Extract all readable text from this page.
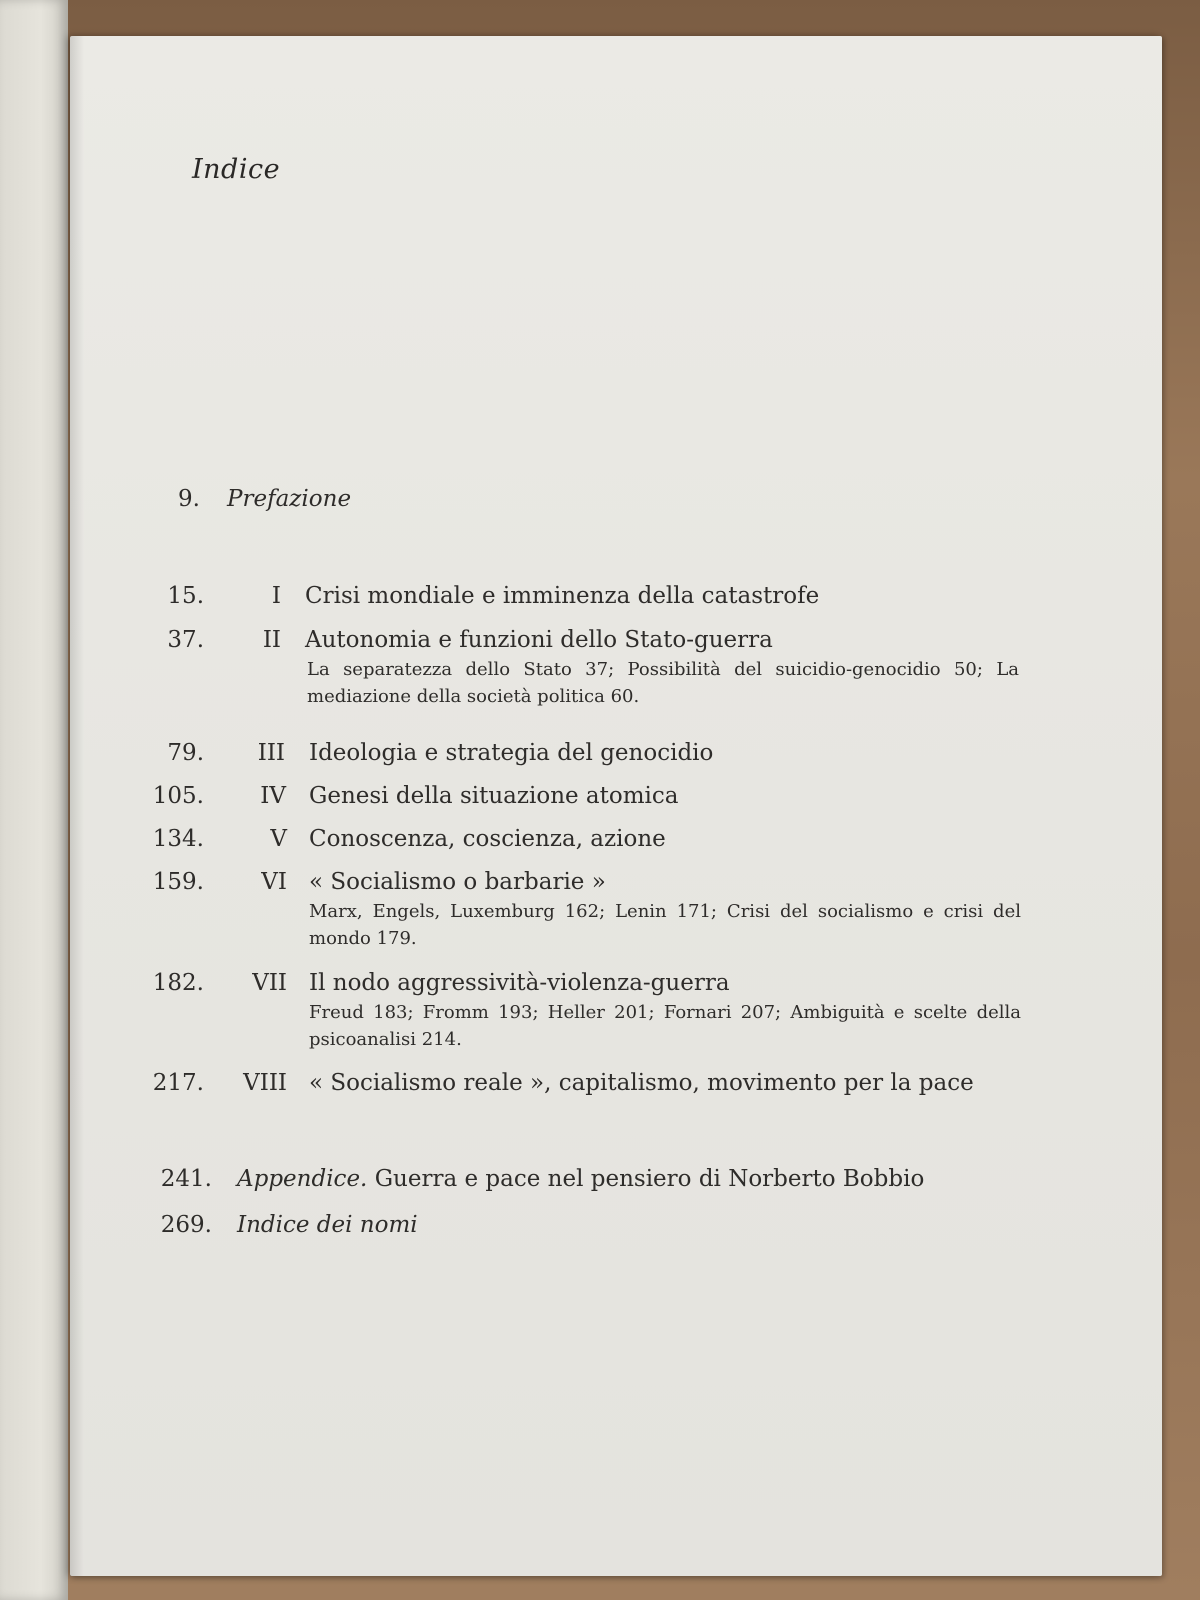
Indice
9. Prefazione
15.	I Crisi mondiale e imminenza della catastrofe
37.	II Autonomia e funzioni dello Stato-guerra
La separatezza dello Stato 37; Possibilità del suicidio-genocidio 50; La mediazione della società politica 60.
79.	III Ideologia e strategia del genocidio
105.	IV Genesi della situazione atomica
134.	V Conoscenza, coscienza, azione
159.	VI « Socialismo o barbarie »
Marx, Engels, Luxemburg 162; Lenin 171; Crisi del socialismo e crisi del mondo 179.
182.	VII Il nodo aggressività-violenza-guerra
Freud 183; Fromm 193; Heller 201; Fornari 207; Ambiguità e scelte della psicoanalisi 214.
217.	VIII « Socialismo reale », capitalismo, movimento per la pace
241. Appendice. Guerra e pace nel pensiero di Norberto Bobbio
269. Indice dei nomi
